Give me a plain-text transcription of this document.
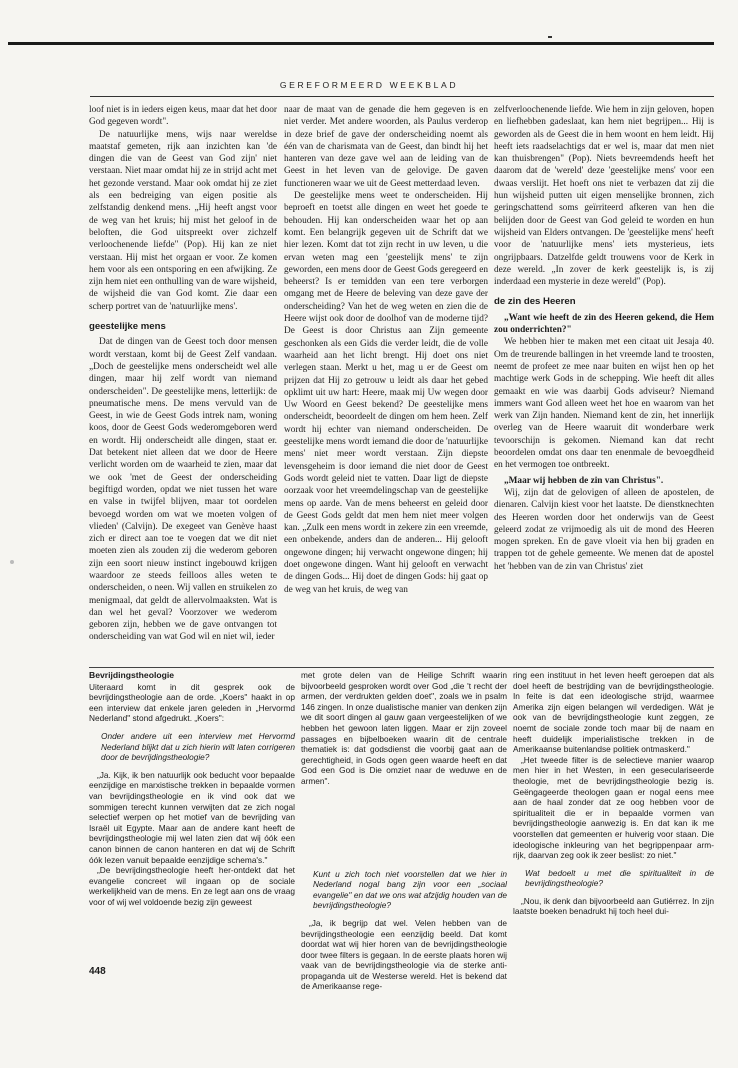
GEREFORMEERD WEEKBLAD

loof niet is in ieders eigen keus, maar dat het door God gegeven wordt".

De natuurlijke mens, wijs naar wereldse maatstaf gemeten, rijk aan inzichten kan 'de dingen die van de Geest van God zijn' niet verstaan. Niet maar omdat hij ze in strijd acht met het gezonde verstand. Maar ook omdat hij ze ziet als een bedreiging van eigen positie als zelfstandig denkend mens. „Hij heeft angst voor de weg van het kruis; hij mist het geloof in de beloften, die God uitspreekt over zichzelf verloochenende liefde" (Pop). Hij kan ze niet verstaan. Hij mist het orgaan er voor. Ze komen hem voor als een ontsporing en een afwijking. Ze zijn hem niet een onthulling van de ware wijsheid, de wijsheid die van God komt. Zie daar een scherp portret van de 'natuurlijke mens'.

geestelijke mens

Dat de dingen van de Geest toch door mensen wordt verstaan, komt bij de Geest Zelf vandaan. „Doch de geestelijke mens onderscheidt wel alle dingen, maar hij zelf wordt van niemand onderscheiden". De geestelijke mens, letterlijk: de pneumatische mens. De mens vervuld van de Geest, in wie de Geest Gods intrek nam, woning koos, door de Geest Gods wederomgeboren werd en wordt. Hij onderscheidt alle dingen, staat er. Dat betekent niet alleen dat we door de Heere verlicht worden om de waarheid te zien, maar dat we ook 'met de Geest der onderscheiding begiftigd worden, opdat we niet tussen het ware en valse in twijfel blijven, maar tot oordelen bevoegd worden om wat we moeten volgen of vlieden' (Calvijn). De exegeet van Genève haast zich er direct aan toe te voegen dat we dit niet moeten zien als zouden zij die wederom geboren zijn een soort nieuw instinct ingebouwd krijgen waardoor ze steeds feilloos alles weten te onderscheiden, o neen. Wij vallen en struikelen zo menigmaal, dat geldt de allervolmaaksten. Wat is dan wel het geval? Voorzover we wederom geboren zijn, hebben we de gave ontvangen tot onderscheiding van wat God wil en niet wil, ieder

naar de maat van de genade die hem gegeven is en niet verder. Met andere woorden, als Paulus verderop in deze brief de gave der onderscheiding noemt als één van de charismata van de Geest, dan bindt hij het hanteren van deze gave wel aan de leiding van de Geest in het leven van de gelovige. De gaven functioneren waar we uit de Geest metterdaad leven.

De geestelijke mens weet te onderscheiden. Hij beproeft en toetst alle dingen en weet het goede te behouden. Hij kan onderscheiden waar het op aan komt. Een belangrijk gegeven uit de Schrift dat we hier lezen. Komt dat tot zijn recht in uw leven, u die ervan weten mag een 'geestelijk mens' te zijn geworden, een mens door de Geest Gods geregeerd en beheerst? Is er temidden van een tere verborgen omgang met de Heere de beleving van deze gave der onderscheiding? Van het de weg weten en zien die de Heere wijst ook door de doolhof van de moderne tijd? De Geest is door Christus aan Zijn gemeente geschonken als een Gids die verder leidt, die de volle waarheid aan het licht brengt. Hij doet ons niet verlegen staan. Merkt u het, mag u er de Geest om prijzen dat Hij zo getrouw u leidt als daar het gebed opklimt uit uw hart: Heere, maak mij Uw wegen door Uw Woord en Geest bekend? De geestelijke mens onderscheidt, beoordeelt de dingen om hem heen. Zelf wordt hij echter van niemand onderscheiden. De geestelijke mens wordt iemand die door de 'natuurlijke mens' niet meer wordt verstaan. Zijn diepste levensgeheim is door iemand die niet door de Geest Gods wordt geleid niet te vatten. Daar ligt de diepste oorzaak voor het vreemdelingschap van de geestelijke mens op aarde. Van de mens beheerst en geleid door de Geest Gods geldt dat men hem niet meer volgen kan. „Zulk een mens wordt in zekere zin een vreemde, een onbekende, anders dan de anderen... Hij gelooft ongewone dingen; hij verwacht ongewone dingen; hij doet ongewone dingen. Want hij gelooft en verwacht de dingen Gods... Hij doet de dingen Gods: hij gaat op de weg van het kruis, de weg van

zelfverloochenende liefde. Wie hem in zijn geloven, hopen en liefhebben gadeslaat, kan hem niet begrijpen... Hij is geworden als de Geest die in hem woont en hem leidt. Hij heeft iets raadselachtigs dat er wel is, maar dat men niet kan thuisbrengen" (Pop). Niets bevreemdends heeft het daarom dat de 'wereld' deze 'geestelijke mens' voor een dwaas verslijt. Het hoeft ons niet te verbazen dat zij die hun wijsheid putten uit eigen menselijke bronnen, zich geringschattend soms geïrriteerd afkeren van hen die belijden door de Geest van God geleid te worden en hun wijsheid van Elders ontvangen. De 'geestelijke mens' heeft voor de 'natuurlijke mens' iets mysterieus, iets ongrijpbaars. Datzelfde geldt trouwens voor de Kerk in deze wereld. „In zover de kerk geestelijk is, is zij inderdaad een mysterie in deze wereld" (Pop).

de zin des Heeren

„Want wie heeft de zin des Heeren gekend, die Hem zou onderrichten?"

We hebben hier te maken met een citaat uit Jesaja 40. Om de treurende ballingen in het vreemde land te troosten, neemt de profeet ze mee naar buiten en wijst hen op het machtige werk Gods in de schepping. Wie heeft dit alles gemaakt en wie was daarbij Gods adviseur? Niemand immers want God alleen weet het hoe en waarom van het werk van Zijn handen. Niemand kent de zin, het innerlijk overleg van de Heere waaruit dit wonderbare werk tevoorschijn is gekomen. Niemand kan dat recht beoordelen omdat ons daar ten enenmale de bevoegdheid en het vermogen toe ontbreekt.

„Maar wij hebben de zin van Christus".

Wij, zijn dat de gelovigen of alleen de apostelen, de dienaren. Calvijn kiest voor het laatste. De dienstknechten des Heeren worden door het onderwijs van de Geest geleerd zodat ze vrijmoedig als uit de mond des Heeren mogen spreken. En de gave vloeit via hen bij graden en trappen tot de gehele gemeente. We menen dat de apostel het 'hebben van de zin van Christus' ziet

Bevrijdingstheologie

Uiteraard komt in dit gesprek ook de bevrijdingstheologie aan de orde. „Koers" haakt in op een interview dat enkele jaren geleden in „Hervormd Nederland" stond afgedrukt. „Koers":

Onder andere uit een interview met Hervormd Nederland blijkt dat u zich hierin wilt laten corrigeren door de bevrijdingstheologie?

„Ja. Kijk, ik ben natuurlijk ook beducht voor bepaalde eenzijdige en marxistische trekken in bepaalde vormen van bevrijdingstheologie en ik vind ook dat we sommigen terecht kunnen verwijten dat ze zich nogal selectief werpen op het motief van de bevrijding van Israël uit Egypte. Maar aan de andere kant heeft de bevrijdingstheologie mij wel laten zien dat wij óók een canon binnen de canon hanteren en dat wij de Schrift óók lezen vanuit bepaalde eenzijdige schema's."

„De bevrijdingstheologie heeft her-ontdekt dat het evangelie concreet wil ingaan op de sociale werkelijkheid van de mens. En ze legt aan ons de vraag voor of wij wel voldoende bezig zijn geweest

met grote delen van de Heilige Schrift waarin bijvoorbeeld gesproken wordt over God „die 't recht der armen, der verdrukten gelden doet", zoals we in psalm 146 zingen. In onze dualistische manier van denken zijn we dit soort dingen al gauw gaan vergeestelijken of we hebben het gewoon laten liggen. Maar er zijn zoveel passages en bijbelboeken waarin dit de centrale thematiek is: dat godsdienst die voorbij gaat aan de gerechtigheid, in Gods ogen geen waarde heeft en dat God een God is Die omziet naar de weduwe en de armen".

Kunt u zich toch niet voorstellen dat we hier in Nederland nogal bang zijn voor een „sociaal evangelie" en dat we ons wat afzijdig houden van de bevrijdingstheologie?

„Ja, ik begrijp dat wel. Velen hebben van de bevrijdingstheologie een eenzijdig beeld. Dat komt doordat wat wij hier horen van de bevrijdingstheologie door twee filters is gegaan. In de eerste plaats horen wij vaak van de bevrijdingstheologie via de sterke anti-propaganda uit de Westerse wereld. Het is bekend dat de Amerikaanse rege-

ring een instituut in het leven heeft geroepen dat als doel heeft de bestrijding van de bevrijdingstheologie. In feite is dat een ideologische strijd, waarmee Amerika zijn eigen belangen wil verdedigen. Wát je ook van de bevrijdingstheologie kunt zeggen, ze noemt de sociale zonde toch maar bij de naam en heeft duidelijk imperialistische trekken in de Amerikaanse buitenlandse politiek ontmaskerd."

„Het tweede filter is de selectieve manier waarop men hier in het Westen, in een geseculariseerde theologie, met de bevrijdingstheologie bezig is. Geëngageerde theologen gaan er nogal eens mee aan de haal zonder dat ze oog hebben voor de spiritualiteit die er in bepaalde vormen van bevrijdingstheologie aanwezig is. En dat kan ik me voorstellen dat gemeenten er huiverig voor staan. Die ideologische inkleuring van het begrippenpaar arm-rijk, daarvan zeg ook ik zeer beslist: zo niet."

Wat bedoelt u met die spiritualiteit in de bevrijdingstheologie?

„Nou, ik denk dan bijvoorbeeld aan Gutiérrez. In zijn laatste boeken benadrukt hij toch heel dui-

448
